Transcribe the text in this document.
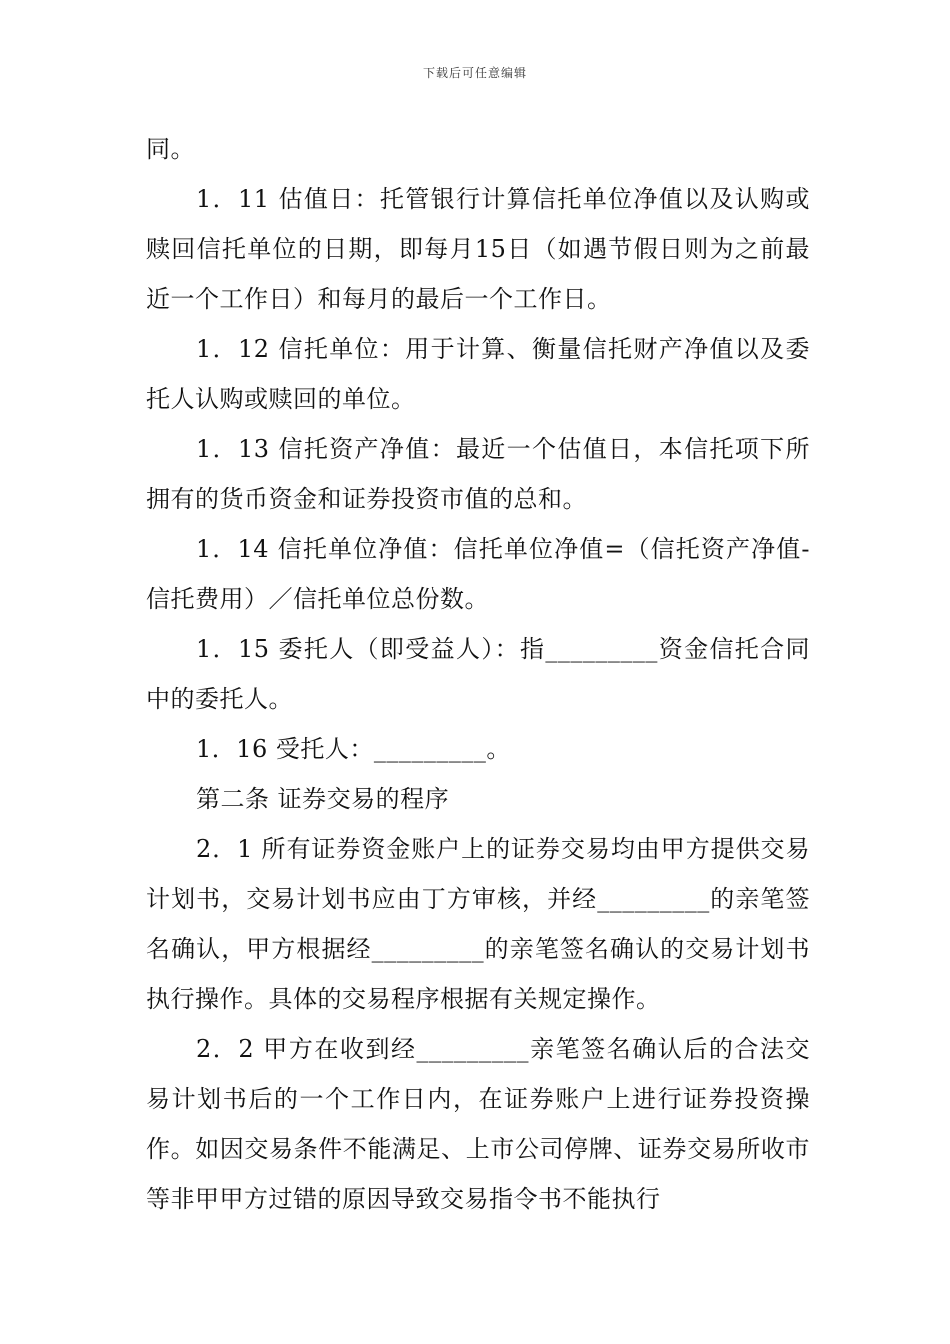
下载后可任意编辑

同。

1．11 估值日：托管银行计算信托单位净值以及认购或赎回信托单位的日期，即每月15日（如遇节假日则为之前最近一个工作日）和每月的最后一个工作日。

1．12 信托单位：用于计算、衡量信托财产净值以及委托人认购或赎回的单位。

1．13 信托资产净值：最近一个估值日，本信托项下所拥有的货币资金和证券投资市值的总和。

1．14 信托单位净值：信托单位净值=（信托资产净值-信托费用）／信托单位总份数。

1．15 委托人（即受益人）：指_________资金信托合同中的委托人。

1．16 受托人：_________。

第二条 证券交易的程序

2．1 所有证券资金账户上的证券交易均由甲方提供交易计划书，交易计划书应由丁方审核，并经_________的亲笔签名确认，甲方根据经_________的亲笔签名确认的交易计划书执行操作。具体的交易程序根据有关规定操作。

2．2 甲方在收到经_________亲笔签名确认后的合法交易计划书后的一个工作日内，在证券账户上进行证券投资操作。如因交易条件不能满足、上市公司停牌、证券交易所收市等非甲甲方过错的原因导致交易指令书不能执行
